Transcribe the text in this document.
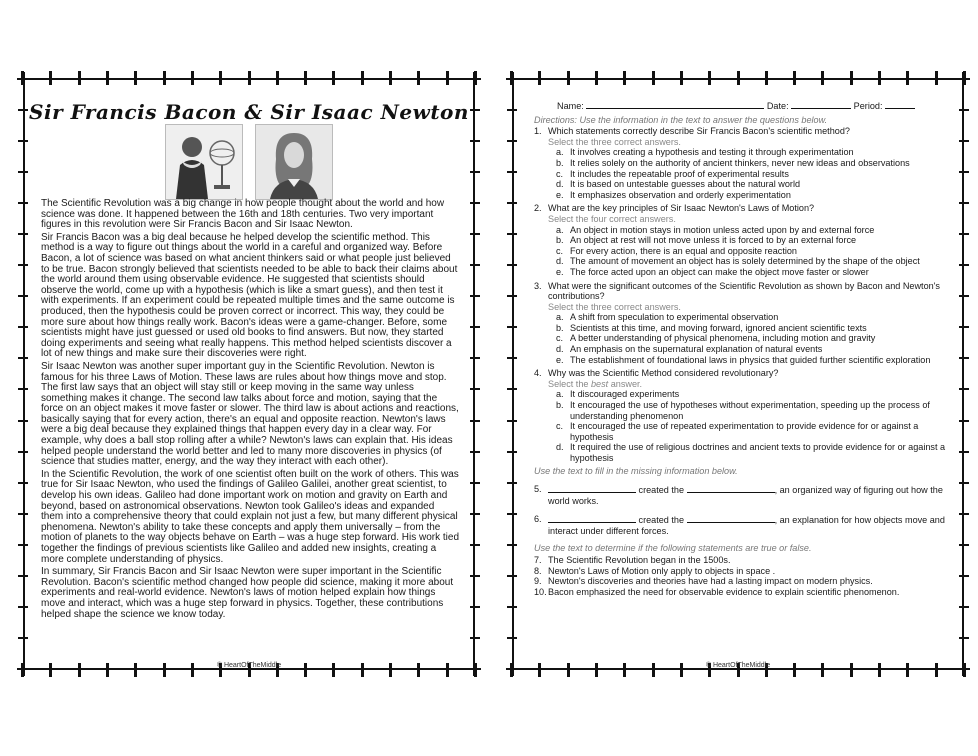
Sir Francis Bacon & Sir Isaac Newton

The Scientific Revolution was a big change in how people thought about the world and how science was done. It happened between the 16th and 18th centuries. Two very important figures in this revolution were Sir Francis Bacon and Sir Isaac Newton.

Sir Francis Bacon was a big deal because he helped develop the scientific method. This method is a way to figure out things about the world in a careful and organized way. Before Bacon, a lot of science was based on what ancient thinkers said or what people just believed to be true. Bacon strongly believed that scientists needed to be able to back their claims about the world around them using observable evidence. He suggested that scientists should observe the world, come up with a hypothesis (which is like a smart guess), and then test it with experiments. If an experiment could be repeated multiple times and the same outcome is produced, then the hypothesis could be proven correct or incorrect. This way, they could be more sure about how things really work. Bacon's ideas were a game-changer. Before, some scientists might have just guessed or used old books to find answers. But now, they started doing experiments and seeing what really happens. This method helped scientists discover a lot of new things and make sure their discoveries were right.

Sir Isaac Newton was another super important guy in the Scientific Revolution. Newton is famous for his three Laws of Motion. These laws are rules about how things move and stop. The first law says that an object will stay still or keep moving in the same way unless something makes it change. The second law talks about force and motion, saying that the force on an object makes it move faster or slower. The third law is about actions and reactions, basically saying that for every action, there's an equal and opposite reaction. Newton's laws were a big deal because they explained things that happen every day in a clear way. For example, why does a ball stop rolling after a while? Newton's laws can explain that. His ideas helped people understand the world better and led to many more discoveries in physics (of science that studies matter, energy, and the way they interact with each other).

In the Scientific Revolution, the work of one scientist often built on the work of others. This was true for Sir Isaac Newton, who used the findings of Galileo Galilei, another great scientist, to develop his own ideas. Galileo had done important work on motion and gravity on Earth and beyond, based on astronomical observations. Newton took Galileo's ideas and expanded them into a comprehensive theory that could explain not just a few, but many different physical phenomena. Newton's ability to take these concepts and apply them universally – from the motion of planets to the way objects behave on Earth – was a huge step forward. His work tied together the findings of previous scientists like Galileo and added new insights, creating a more complete understanding of physics.

In summary, Sir Francis Bacon and Sir Isaac Newton were super important in the Scientific Revolution. Bacon's scientific method changed how people did science, making it more about experiments and real-world evidence. Newton's laws of motion helped explain how things move and interact, which was a huge step forward in physics. Together, these contributions helped shape the science we know today.

© HeartOfTheMiddle
Name:	Date:	Period:
Directions: Use the information in the text to answer the questions below.
1. Which statements correctly describe Sir Francis Bacon's scientific method?
Select the three correct answers.
a. It involves creating a hypothesis and testing it through experimentation
b. It relies solely on the authority of ancient thinkers, never new ideas and observations
c. It includes the repeatable proof of experimental results
d. It is based on untestable guesses about the natural world
e. It emphasizes observation and orderly experimentation
2. What are the key principles of Sir Isaac Newton's Laws of Motion?
Select the four correct answers.
a. An object in motion stays in motion unless acted upon by and external force
b. An object at rest will not move unless it is forced to by an external force
c. For every action, there is an equal and opposite reaction
d. The amount of movement an object has is solely determined by the shape of the object
e. The force acted upon an object can make the object move faster or slower
3. What were the significant outcomes of the Scientific Revolution as shown by Bacon and Newton's contributions?
Select the three correct answers.
a. A shift from speculation to experimental observation
b. Scientists at this time, and moving forward, ignored ancient scientific texts
c. A better understanding of physical phenomena, including motion and gravity
d. An emphasis on the supernatural explanation of natural events
e. The establishment of foundational laws in physics that guided further scientific exploration
4. Why was the Scientific Method considered revolutionary?
Select the best answer.
a. It discouraged experiments
b. It encouraged the use of hypotheses without experimentation, speeding up the process of understanding phenomenon
c. It encouraged the use of repeated experimentation to provide evidence for or against a hypothesis
d. It required the use of religious doctrines and ancient texts to provide evidence for or against a hypothesis
Use the text to fill in the missing information below.
5.	created the	, an organized way of figuring out how the world works.
6.	created the	, an explanation for how objects move and interact under different forces.
Use the text to determine if the following statements are true or false.
7. The Scientific Revolution began in the 1500s.
8. Newton's Laws of Motion only apply to objects in space .
9. Newton's discoveries and theories have had a lasting impact on modern physics.
10. Bacon emphasized the need for observable evidence to explain scientific phenomenon.
© HeartOfTheMiddle
